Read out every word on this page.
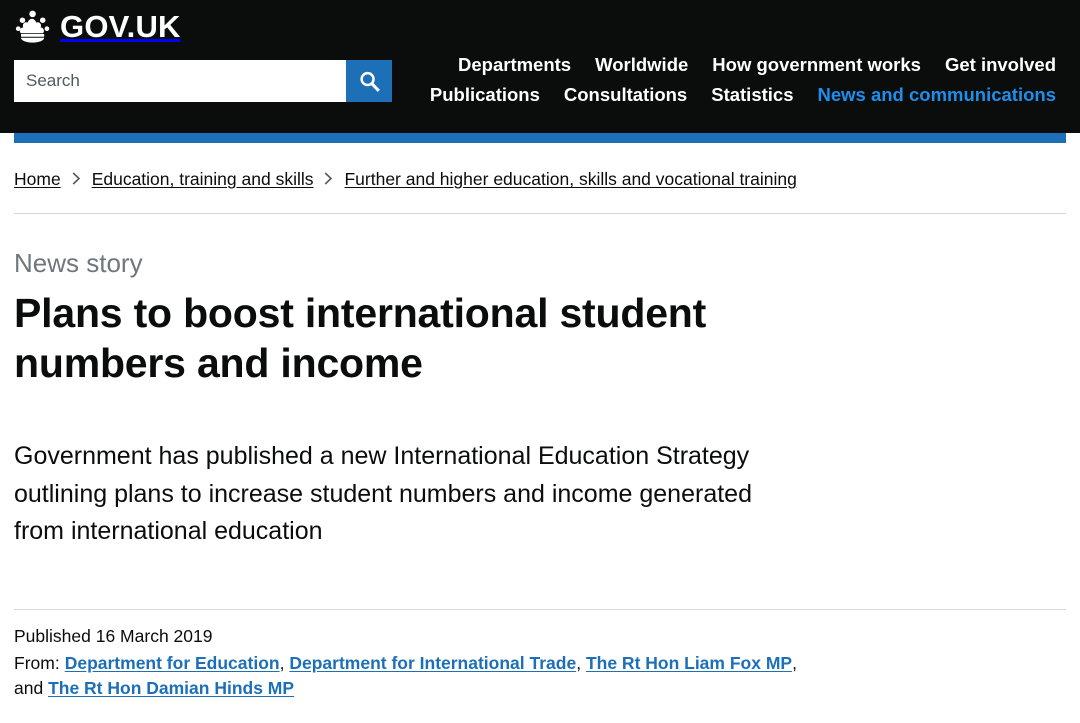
GOV.UK
Search
Departments Worldwide How government works Get involved
Publications Consultations Statistics News and communications
Home Education, training and skills Further and higher education, skills and vocational training
News story
Plans to boost international student numbers and income

Government has published a new International Education Strategy outlining plans to increase student numbers and income generated from international education

Published 16 March 2019
From: Department for Education, Department for International Trade, The Rt Hon Liam Fox MP, and The Rt Hon Damian Hinds MP
